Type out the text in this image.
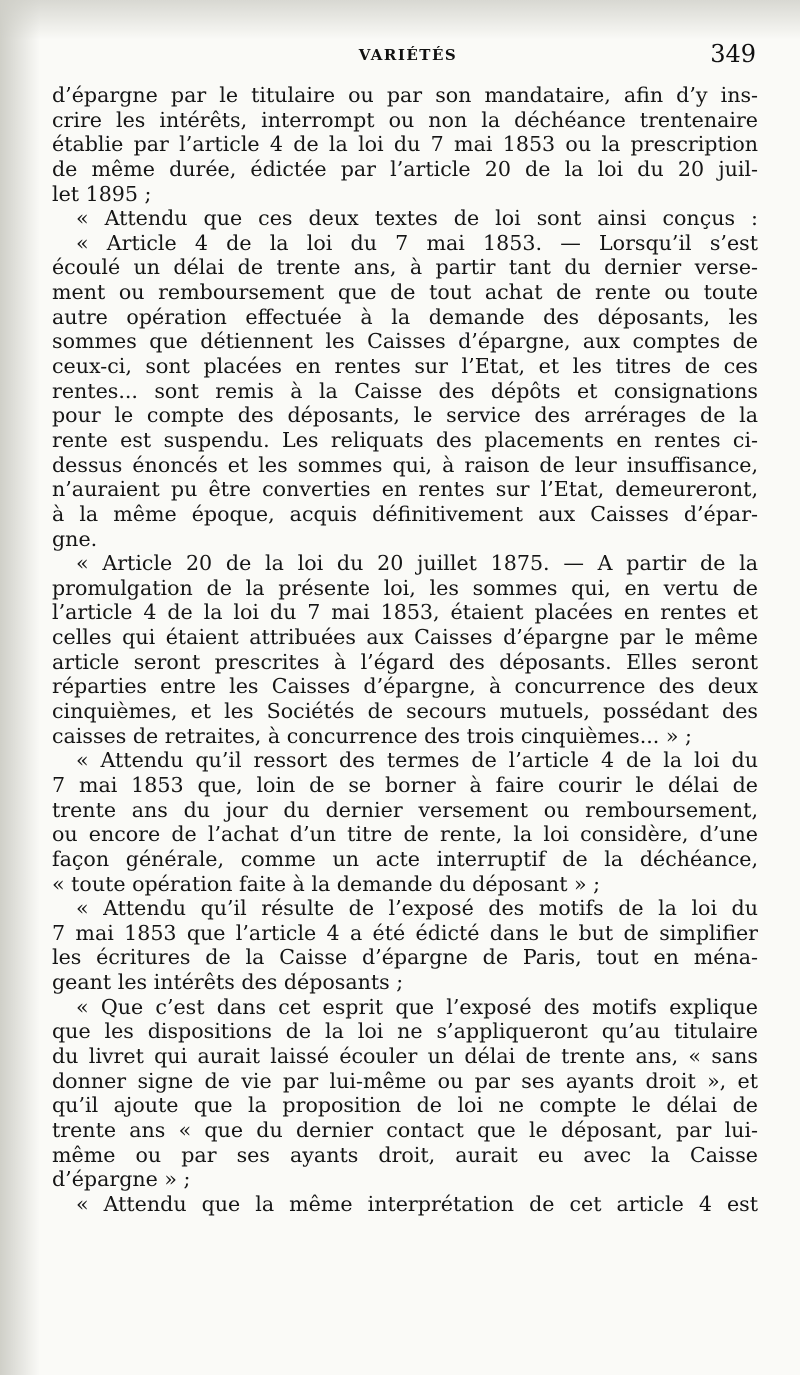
VARIÉTÉS	349
d’épargne par le titulaire ou par son mandataire, afin d’y ins-
crire les intérêts, interrompt ou non la déchéance trentenaire
établie par l’article 4 de la loi du 7 mai 1853 ou la prescription
de même durée, édictée par l’article 20 de la loi du 20 juil-
let 1895 ;
« Attendu que ces deux textes de loi sont ainsi conçus :
« Article 4 de la loi du 7 mai 1853. — Lorsqu’il s’est
écoulé un délai de trente ans, à partir tant du dernier verse-
ment ou remboursement que de tout achat de rente ou toute
autre opération effectuée à la demande des déposants, les
sommes que détiennent les Caisses d’épargne, aux comptes de
ceux-ci, sont placées en rentes sur l’Etat, et les titres de ces
rentes... sont remis à la Caisse des dépôts et consignations
pour le compte des déposants, le service des arrérages de la
rente est suspendu. Les reliquats des placements en rentes ci-
dessus énoncés et les sommes qui, à raison de leur insuffisance,
n’auraient pu être converties en rentes sur l’Etat, demeureront,
à la même époque, acquis définitivement aux Caisses d’épar-
gne.
« Article 20 de la loi du 20 juillet 1875. — A partir de la
promulgation de la présente loi, les sommes qui, en vertu de
l’article 4 de la loi du 7 mai 1853, étaient placées en rentes et
celles qui étaient attribuées aux Caisses d’épargne par le même
article seront prescrites à l’égard des déposants. Elles seront
réparties entre les Caisses d’épargne, à concurrence des deux
cinquièmes, et les Sociétés de secours mutuels, possédant des
caisses de retraites, à concurrence des trois cinquièmes... » ;
« Attendu qu’il ressort des termes de l’article 4 de la loi du
7 mai 1853 que, loin de se borner à faire courir le délai de
trente ans du jour du dernier versement ou remboursement,
ou encore de l’achat d’un titre de rente, la loi considère, d’une
façon générale, comme un acte interruptif de la déchéance,
« toute opération faite à la demande du déposant » ;
« Attendu qu’il résulte de l’exposé des motifs de la loi du
7 mai 1853 que l’article 4 a été édicté dans le but de simplifier
les écritures de la Caisse d’épargne de Paris, tout en ména-
geant les intérêts des déposants ;
« Que c’est dans cet esprit que l’exposé des motifs explique
que les dispositions de la loi ne s’appliqueront qu’au titulaire
du livret qui aurait laissé écouler un délai de trente ans, « sans
donner signe de vie par lui-même ou par ses ayants droit », et
qu’il ajoute que la proposition de loi ne compte le délai de
trente ans « que du dernier contact que le déposant, par lui-
même ou par ses ayants droit, aurait eu avec la Caisse
d’épargne » ;
« Attendu que la même interprétation de cet article 4 est
